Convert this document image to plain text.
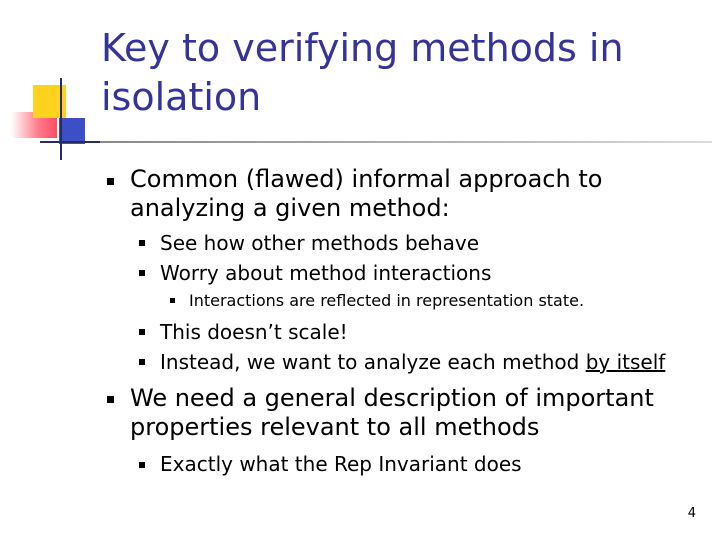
Key to verifying methods in isolation

Common (flawed) informal approach to analyzing a given method:

See how other methods behave

Worry about method interactions

Interactions are reflected in representation state.

This doesn’t scale!

Instead, we want to analyze each method by itself

We need a general description of important properties relevant to all methods

Exactly what the Rep Invariant does

4
